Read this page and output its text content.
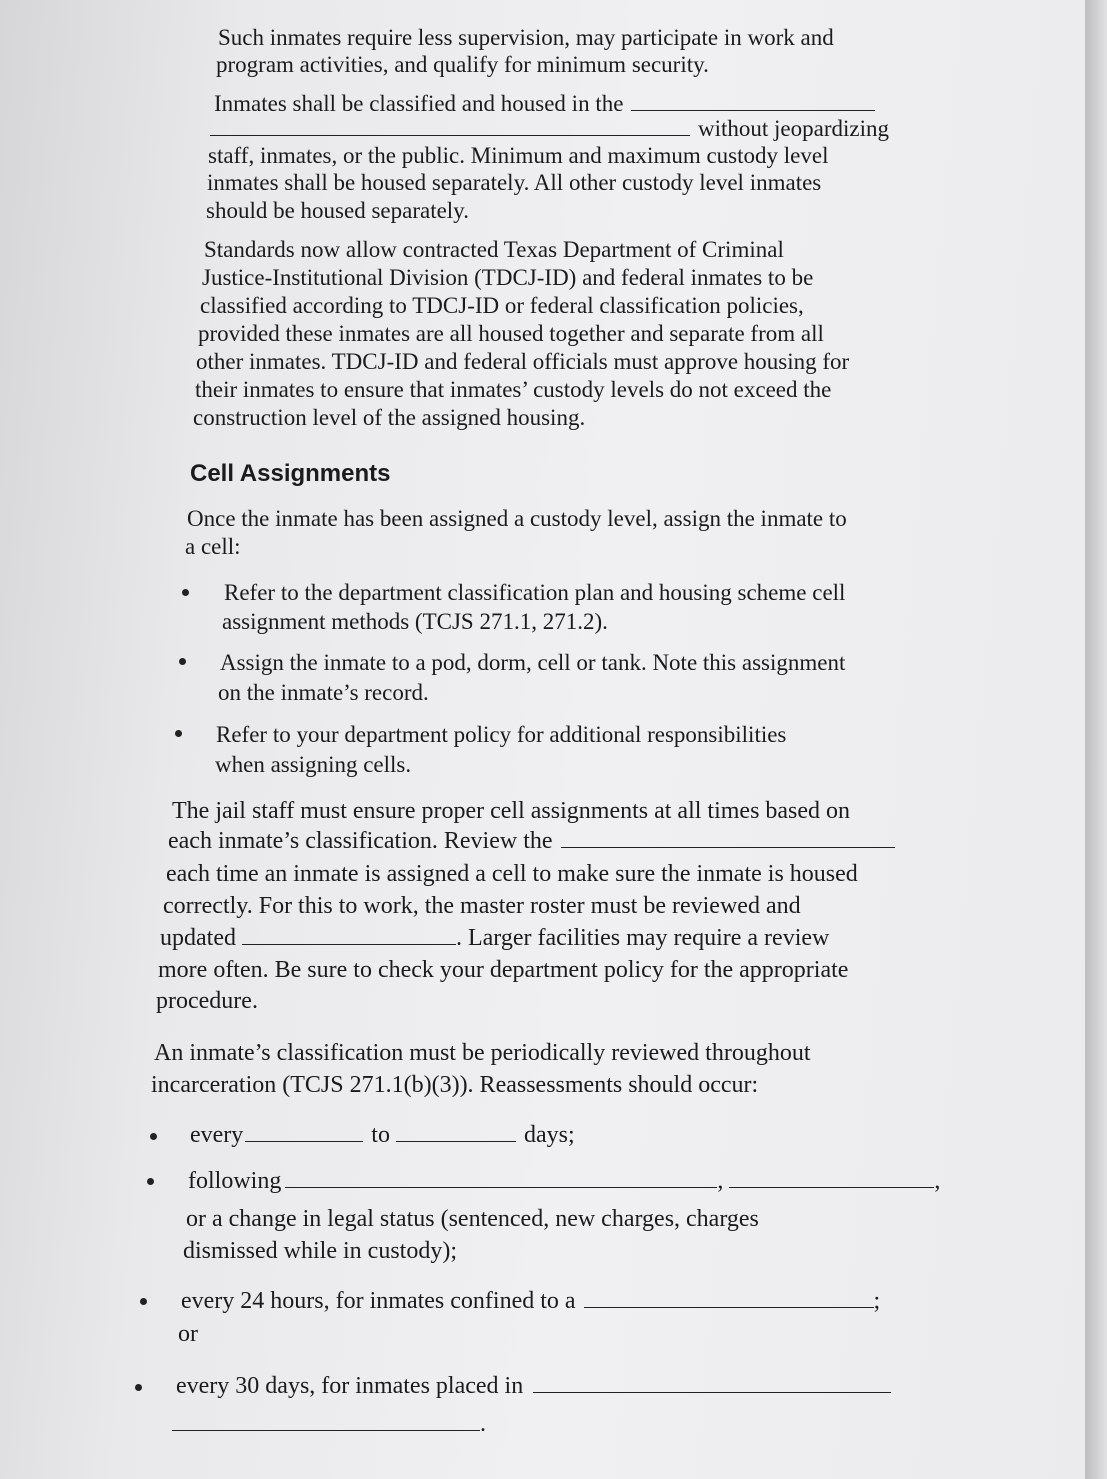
Such inmates require less supervision, may participate in work and
program activities, and qualify for minimum security.
Inmates shall be classified and housed in the
without jeopardizing
staff, inmates, or the public. Minimum and maximum custody level
inmates shall be housed separately. All other custody level inmates
should be housed separately.
Standards now allow contracted Texas Department of Criminal
Justice-Institutional Division (TDCJ-ID) and federal inmates to be
classified according to TDCJ-ID or federal classification policies,
provided these inmates are all housed together and separate from all
other inmates. TDCJ-ID and federal officials must approve housing for
their inmates to ensure that inmates’ custody levels do not exceed the
construction level of the assigned housing.
Cell Assignments
Once the inmate has been assigned a custody level, assign the inmate to
a cell:
Refer to the department classification plan and housing scheme cell
assignment methods (TCJS 271.1, 271.2).
Assign the inmate to a pod, dorm, cell or tank. Note this assignment
on the inmate’s record.
Refer to your department policy for additional responsibilities
when assigning cells.
The jail staff must ensure proper cell assignments at all times based on
each inmate’s classification. Review the
each time an inmate is assigned a cell to make sure the inmate is housed
correctly. For this to work, the master roster must be reviewed and
updated	. Larger facilities may require a review
more often. Be sure to check your department policy for the appropriate
procedure.
An inmate’s classification must be periodically reviewed throughout
incarceration (TCJS 271.1(b)(3)). Reassessments should occur:
every	to	days;
following	,	,
or a change in legal status (sentenced, new charges, charges
dismissed while in custody);
every 24 hours, for inmates confined to a	;
or
every 30 days, for inmates placed in
.
